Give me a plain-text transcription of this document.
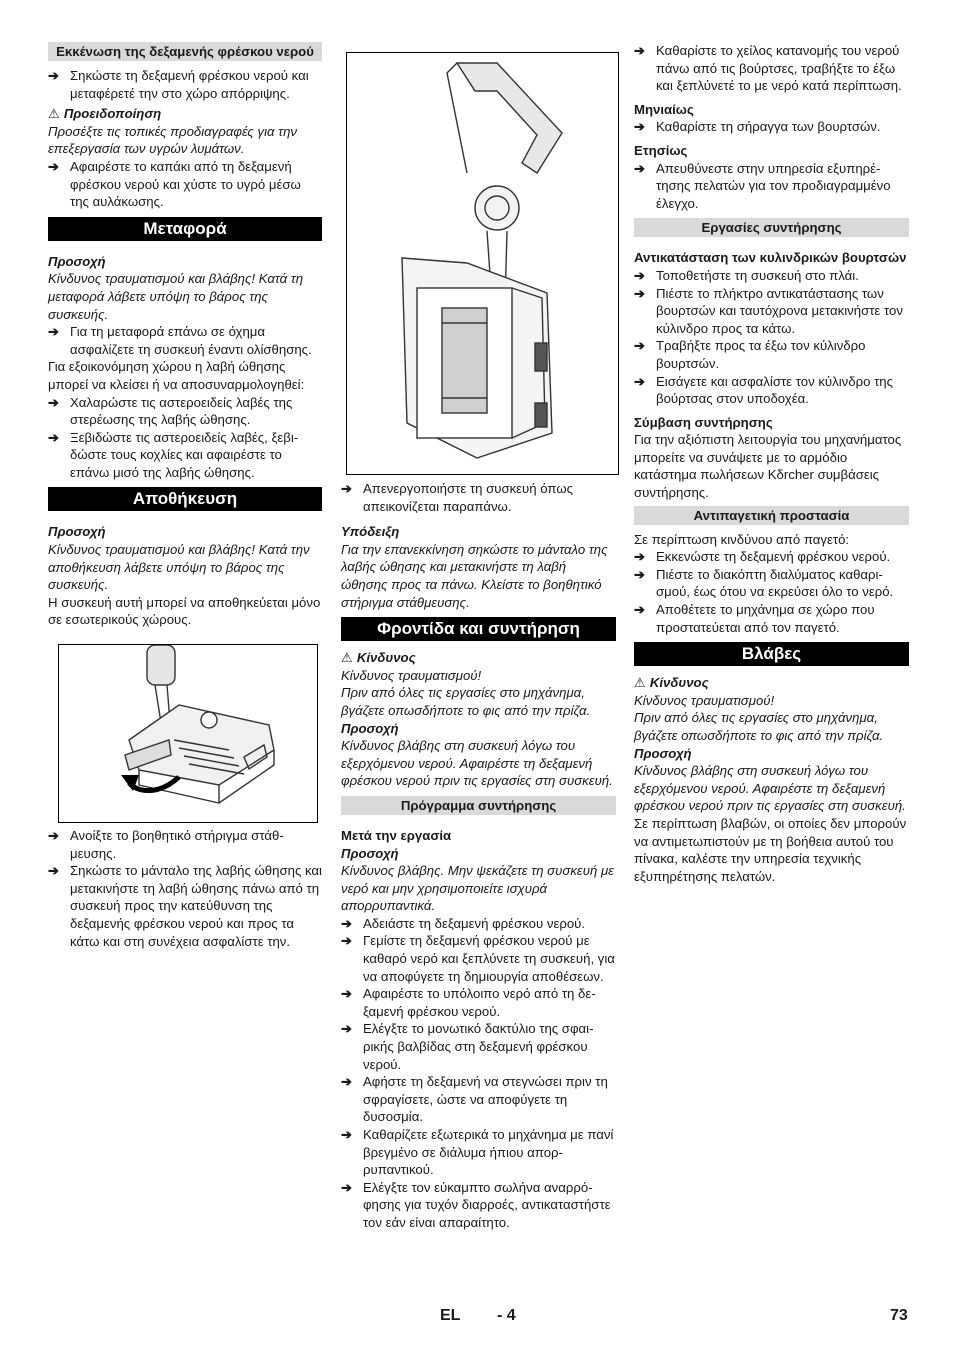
Εκκένωση της δεξαμενής φρέσκου νερού
➔ Σηκώστε τη δεξαμενή φρέσκου νερού και μεταφέρετέ την στο χώρο απόρριψης.

⚠ Προειδοποίηση

Προσέξτε τις τοπικές προδιαγραφές για την επεξεργασία των υγρών λυμάτων.

➔ Αφαιρέστε το καπάκι από τη δεξαμενή φρέσκου νερού και χύστε το υγρό μέσω της αυλάκωσης.
Μεταφορά

Προσοχή

Κίνδυνος τραυματισμού και βλάβης! Κατά τη μεταφορά λάβετε υπόψη το βάρος της συσκευής.

➔ Για τη μεταφορά επάνω σε όχημα ασφαλίζετε τη συσκευή έναντι ολίσθησης.

Για εξοικονόμηση χώρου η λαβή ώθησης μπορεί να κλείσει ή να αποσυναρμολογηθεί:

➔ Χαλαρώστε τις αστεροειδείς λαβές της στερέωσης της λαβής ώθησης.
➔ Ξεβιδώστε τις αστεροειδείς λαβές, ξεβιδώστε τους κοχλίες και αφαιρέστε το επάνω μισό της λαβής ώθησης.
Αποθήκευση

Προσοχή

Κίνδυνος τραυματισμού και βλάβης! Κατά την αποθήκευση λάβετε υπόψη το βάρος της συσκευής.

Η συσκευή αυτή μπορεί να αποθηκεύεται μόνο σε εσωτερικούς χώρους.

➔ Ανοίξτε το βοηθητικό στήριγμα στάθμευσης.
➔ Σηκώστε το μάνταλο της λαβής ώθησης και μετακινήστε τη λαβή ώθησης πάνω από τη συσκευή προς την κατεύθυνση της δεξαμενής φρέσκου νερού και προς τα κάτω και στη συνέχεια ασφαλίστε την.
➔ Απενεργοποιήστε τη συσκευή όπως απεικονίζεται παραπάνω.

Υπόδειξη

Για την επανεκκίνηση σηκώστε το μάνταλο της λαβής ώθησης και μετακινήστε τη λαβή ώθησης προς τα πάνω. Κλείστε το βοηθητικό στήριγμα στάθμευσης.

Φροντίδα και συντήρηση

⚠ Κίνδυνος

Κίνδυνος τραυματισμού!

Πριν από όλες τις εργασίες στο μηχάνημα, βγάζετε οπωσδήποτε το φις από την πρίζα.

Προσοχή

Κίνδυνος βλάβης στη συσκευή λόγω του εξερχόμενου νερού. Αφαιρέστε τη δεξαμενή φρέσκου νερού πριν τις εργασίες στη συσκευή.

Πρόγραμμα συντήρησης

Μετά την εργασία

Προσοχή

Κίνδυνος βλάβης. Μην ψεκάζετε τη συσκευή με νερό και μην χρησιμοποιείτε ισχυρά απορρυπαντικά.

➔ Αδειάστε τη δεξαμενή φρέσκου νερού.
➔ Γεμίστε τη δεξαμενή φρέσκου νερού με καθαρό νερό και ξεπλύνετε τη συσκευή, για να αποφύγετε τη δημιουργία αποθέσεων.
➔ Αφαιρέστε το υπόλοιπο νερό από τη δεξαμενή φρέσκου νερού.
➔ Ελέγξτε το μονωτικό δακτύλιο της σφαιρικής βαλβίδας στη δεξαμενή φρέσκου νερού.
➔ Αφήστε τη δεξαμενή να στεγνώσει πριν τη σφραγίσετε, ώστε να αποφύγετε τη δυσοσμία.
➔ Καθαρίζετε εξωτερικά το μηχάνημα με πανί βρεγμένο σε διάλυμα ήπιου απορρυπαντικού.
➔ Ελέγξτε τον εύκαμπτο σωλήνα αναρρόφησης για τυχόν διαρροές, αντικαταστήστε τον εάν είναι απαραίτητο.
➔ Καθαρίστε το χείλος κατανομής του νερού πάνω από τις βούρτσες, τραβήξτε το έξω και ξεπλύνετέ το με νερό κατά περίπτωση.

Μηνιαίως

➔ Καθαρίστε τη σήραγγα των βουρτσών.

Ετησίως

➔ Απευθύνεστε στην υπηρεσία εξυπηρέτησης πελατών για τον προδιαγραμμένο έλεγχο.
Εργασίες συντήρησης

Αντικατάσταση των κυλινδρικών βουρτσών

➔ Τοποθετήστε τη συσκευή στο πλάι.
➔ Πιέστε το πλήκτρο αντικατάστασης των βουρτσών και ταυτόχρονα μετακινήστε τον κύλινδρο προς τα κάτω.
➔ Τραβήξτε προς τα έξω τον κύλινδρο βουρτσών.
➔ Εισάγετε και ασφαλίστε τον κύλινδρο της βούρτσας στον υποδοχέα.

Σύμβαση συντήρησης

Για την αξιόπιστη λειτουργία του μηχανήματος μπορείτε να συνάψετε με το αρμόδιο κατάστημα πωλήσεων Kδrcher συμβάσεις συντήρησης.

Αντιπαγετική προστασία

Σε περίπτωση κινδύνου από παγετό:

➔ Εκκενώστε τη δεξαμενή φρέσκου νερού.
➔ Πιέστε το διακόπτη διαλύματος καθαρισμού, έως ότου να εκρεύσει όλο το νερό.
➔ Αποθέτετε το μηχάνημα σε χώρο που προστατεύεται από τον παγετό.
Βλάβες

⚠ Κίνδυνος

Κίνδυνος τραυματισμού!

Πριν από όλες τις εργασίες στο μηχάνημα, βγάζετε οπωσδήποτε το φις από την πρίζα.

Προσοχή

Κίνδυνος βλάβης στη συσκευή λόγω του εξερχόμενου νερού. Αφαιρέστε τη δεξαμενή φρέσκου νερού πριν τις εργασίες στη συσκευή.

Σε περίπτωση βλαβών, οι οποίες δεν μπορούν να αντιμετωπιστούν με τη βοήθεια αυτού του πίνακα, καλέστε την υπηρεσία τεχνικής εξυπηρέτησης πελατών.

EL - 4	73
